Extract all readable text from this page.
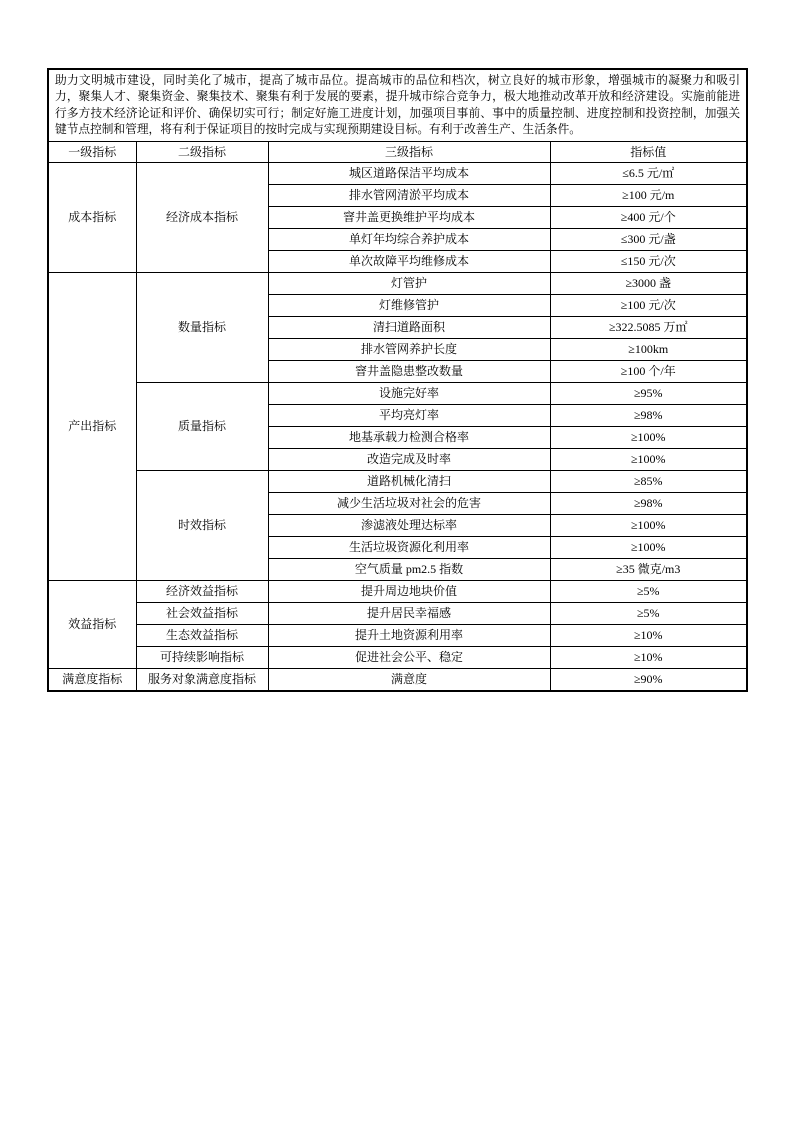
助力文明城市建设，同时美化了城市，提高了城市品位。提高城市的品位和档次，树立良好的城市形象，增强城市的凝聚力和吸引力，聚集人才、聚集资金、聚集技术、聚集有利于发展的要素，提升城市综合竞争力，极大地推动改革开放和经济建设。实施前能进行多方技术经济论证和评价、确保切实可行；制定好施工进度计划，加强项目事前、事中的质量控制、进度控制和投资控制，加强关键节点控制和管理，将有利于保证项目的按时完成与实现预期建设目标。有利于改善生产、生活条件。			
一级指标	二级指标	三级指标	指标值
成本指标	经济成本指标	城区道路保洁平均成本	≤6.5 元/㎡
		排水管网清淤平均成本	≥100 元/m
		窨井盖更换维护平均成本	≥400 元/个
		单灯年均综合养护成本	≤300 元/盏
		单次故障平均维修成本	≤150 元/次
产出指标	数量指标	灯管护	≥3000 盏
		灯维修管护	≥100 元/次
		清扫道路面积	≥322.5085 万㎡
		排水管网养护长度	≥100km
		窨井盖隐患整改数量	≥100 个/年
	质量指标	设施完好率	≥95%
		平均亮灯率	≥98%
		地基承载力检测合格率	≥100%
		改造完成及时率	≥100%
	时效指标	道路机械化清扫	≥85%
		减少生活垃圾对社会的危害	≥98%
		渗滤液处理达标率	≥100%
		生活垃圾资源化利用率	≥100%
		空气质量 pm2.5 指数	≥35 微克/m3
效益指标	经济效益指标	提升周边地块价值	≥5%
	社会效益指标	提升居民幸福感	≥5%
	生态效益指标	提升土地资源利用率	≥10%
	可持续影响指标	促进社会公平、稳定	≥10%
满意度指标	服务对象满意度指标	满意度	≥90%
